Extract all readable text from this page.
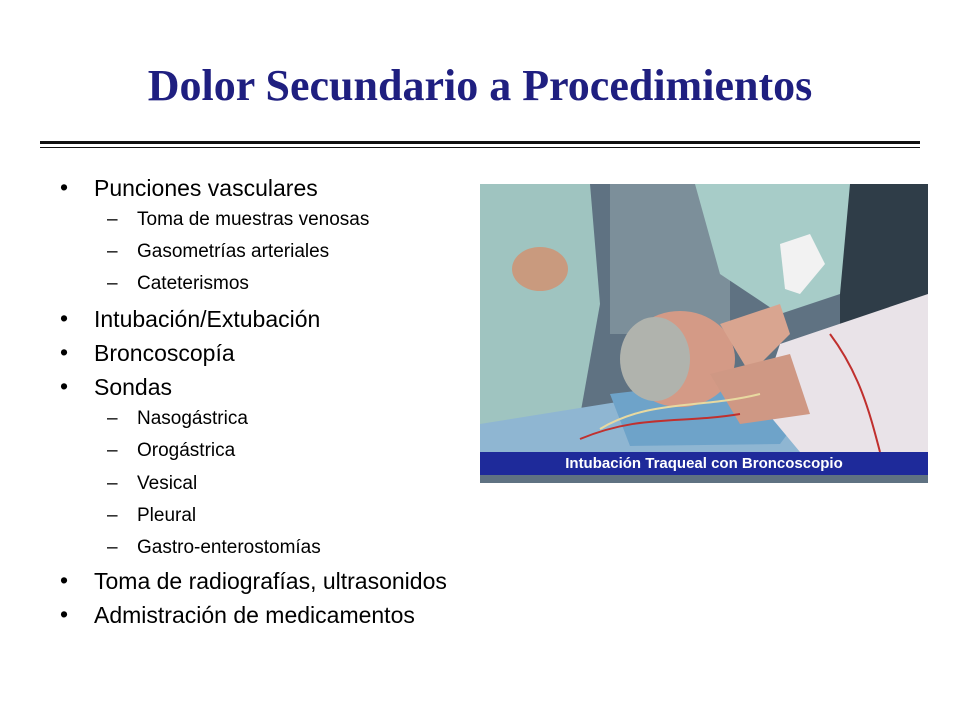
Dolor Secundario a Procedimientos
• Punciones vasculares
– Toma de muestras venosas
– Gasometrías arteriales
– Cateterismos
• Intubación/Extubación
• Broncoscopía
• Sondas
– Nasogástrica
– Orogástrica
– Vesical
– Pleural
– Gastro-enterostomías
• Toma de radiografías, ultrasonidos
• Admistración de medicamentos
Intubación Traqueal con Broncoscopio
